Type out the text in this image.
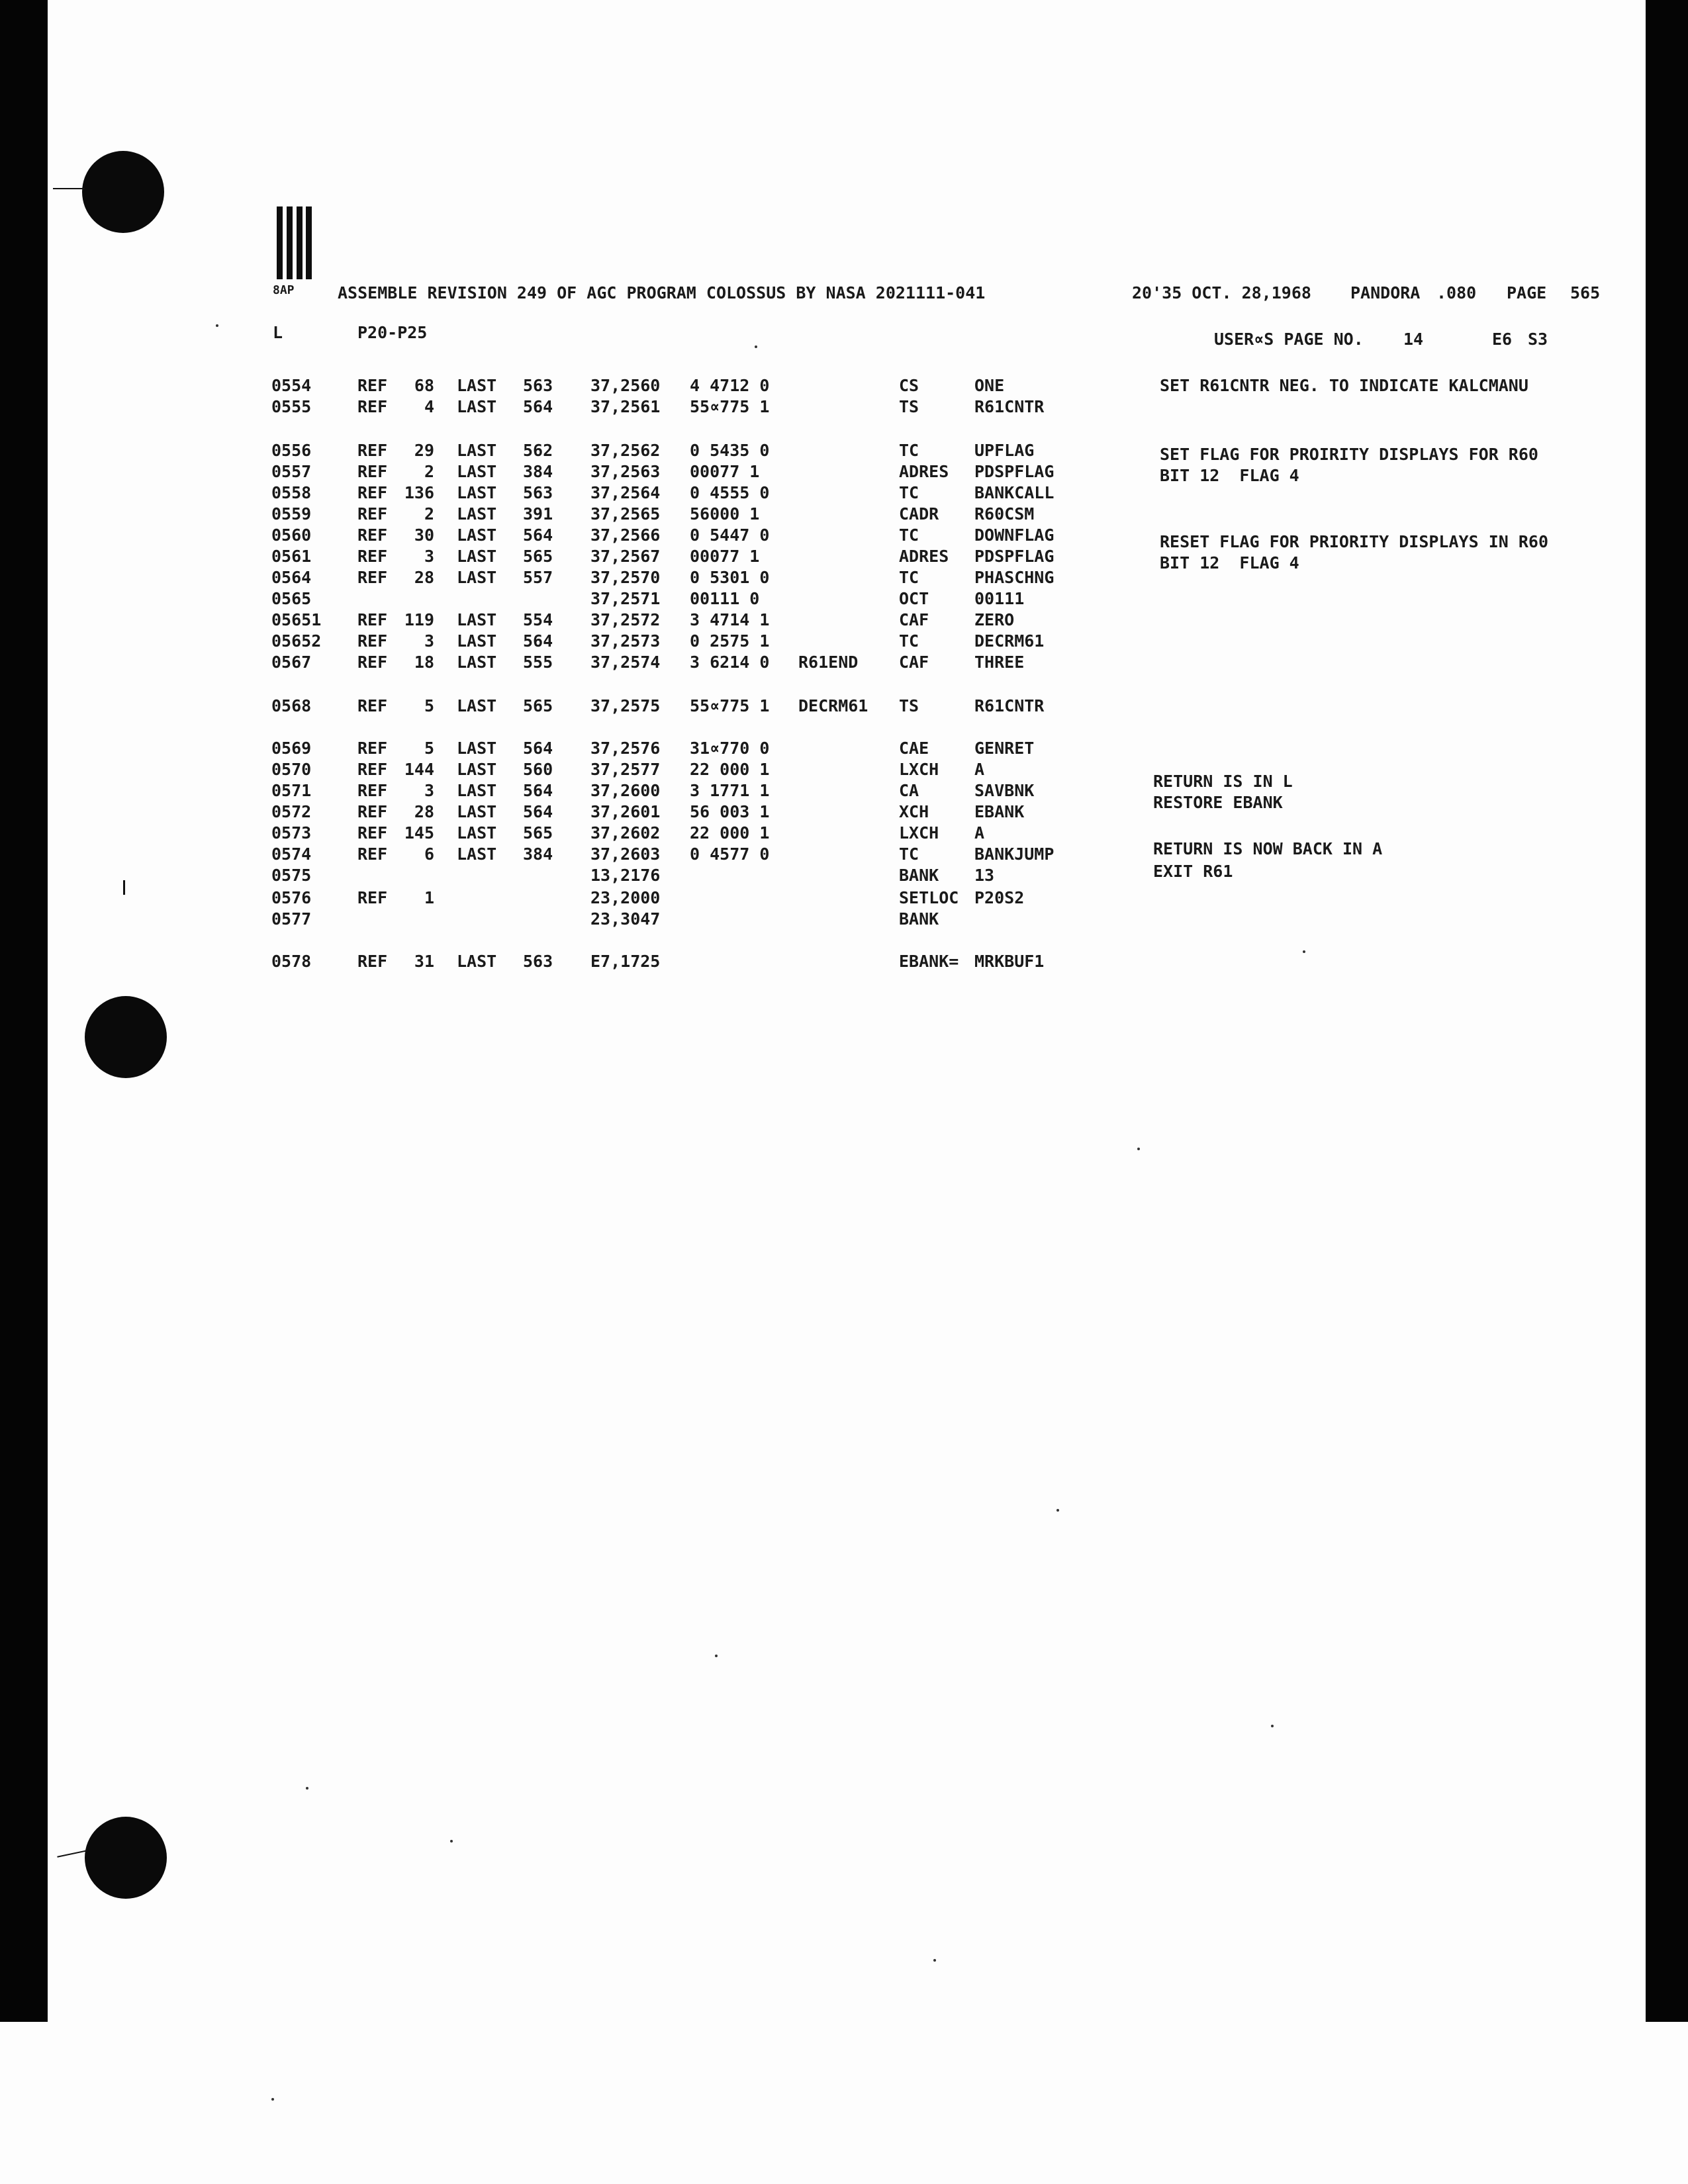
8AP	ASSEMBLE REVISION 249 OF AGC PROGRAM COLOSSUS BY NASA 2021111-041	20'35 OCT. 28,1968 PANDORA .080 PAGE 565
L	P20-P25	USER∝S PAGE NO. 14	E6 S3
0554	REF	68 LAST 563 37,2560 4 4712 0	CS	ONE
0555	REF	4 LAST 564 37,2561 55∝775 1	TS	R61CNTR
0556	REF	29 LAST 562 37,2562 0 5435 0	TC	UPFLAG
0557	REF	2 LAST 384 37,2563 00077 1	ADRES PDSPFLAG
0558	REF 136 LAST 563 37,2564 0 4555 0	TC	BANKCALL
0559	REF	2 LAST 391 37,2565 56000 1	CADR R60CSM
0560	REF	30 LAST 564 37,2566 0 5447 0	TC	DOWNFLAG
0561	REF	3 LAST 565 37,2567 00077 1	ADRES PDSPFLAG
0564	REF	28 LAST 557 37,2570 0 5301 0	TC	PHASCHNG
0565	37,2571 00111 0	OCT	00111
05651 REF 119 LAST 554 37,2572 3 4714 1	CAF	ZERO
05652 REF	3 LAST 564 37,2573 0 2575 1	TC	DECRM61
0567	REF	18 LAST 555 37,2574 3 6214 0 R61END CAF	THREE
0568	REF	5 LAST 565 37,2575 55∝775 1 DECRM61 TS	R61CNTR
0569	REF	5 LAST 564 37,2576 31∝770 0	CAE	GENRET
0570	REF 144 LAST 560 37,2577 22 000 1	LXCH A
0571	REF	3 LAST 564 37,2600 3 1771 1	CA	SAVBNK
0572	REF	28 LAST 564 37,2601 56 003 1	XCH	EBANK
0573	REF 145 LAST 565 37,2602 22 000 1	LXCH A
0574	REF	6 LAST 384 37,2603 0 4577 0	TC	BANKJUMP
0575	13,2176	BANK 13
0576	REF	1	23,2000	SETLOC P20S2
0577	23,3047	BANK
0578	REF	31 LAST 563 E7,1725	EBANK= MRKBUF1
SET R61CNTR NEG. TO INDICATE KALCMANU
SET FLAG FOR PROIRITY DISPLAYS FOR R60
BIT 12  FLAG 4
RESET FLAG FOR PRIORITY DISPLAYS IN R60
BIT 12  FLAG 4
RETURN IS IN L
RESTORE EBANK
RETURN IS NOW BACK IN A
EXIT R61
